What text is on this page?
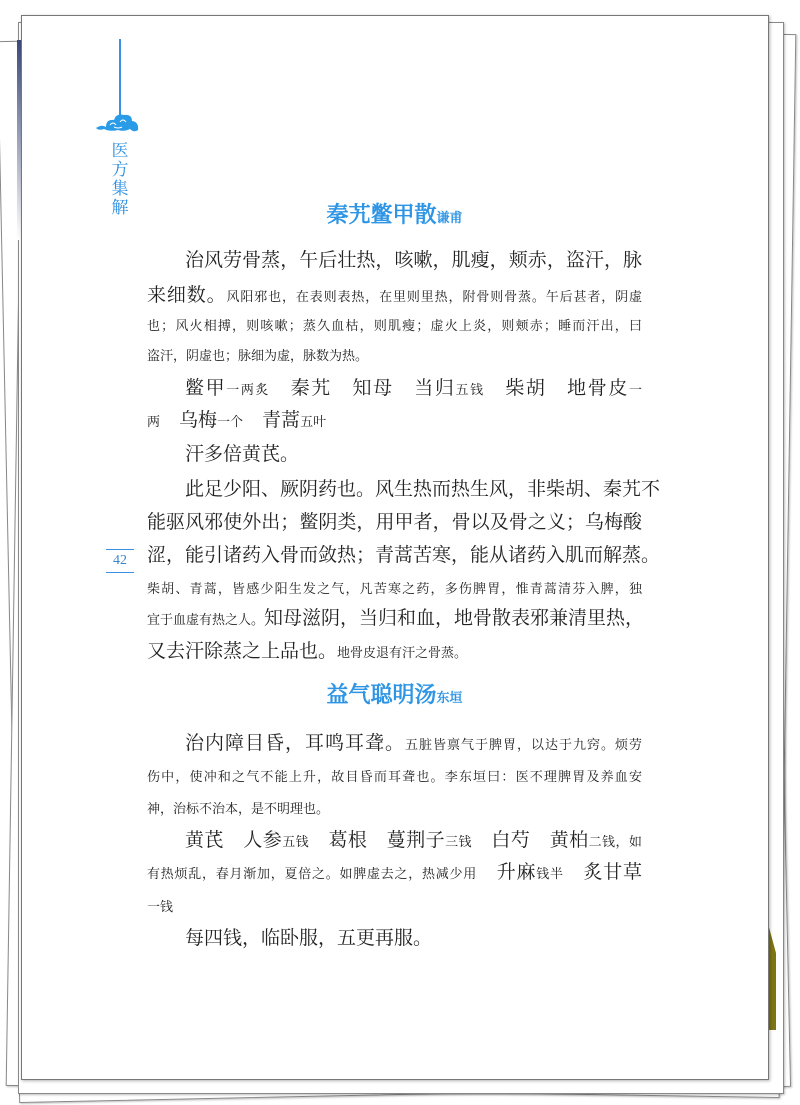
医方集解
42
秦艽鳖甲散谦甫
治风劳骨蒸，午后壮热，咳嗽，肌瘦，颊赤，盗汗，脉
来细数。风阳邪也，在表则表热，在里则里热，附骨则骨蒸。午后甚者，阴虚
也；风火相搏，则咳嗽；蒸久血枯，则肌瘦；虚火上炎，则颊赤；睡而汗出，曰
盗汗，阴虚也；脉细为虚，脉数为热。
鳖甲一两炙　秦艽　知母　当归五钱　柴胡　地骨皮一
两　乌梅一个　青蒿五叶
汗多倍黄芪。
此足少阳、厥阴药也。风生热而热生风，非柴胡、秦艽不
能驱风邪使外出；鳖阴类，用甲者，骨以及骨之义；乌梅酸
涩，能引诸药入骨而敛热；青蒿苦寒，能从诸药入肌而解蒸。
柴胡、青蒿，皆感少阳生发之气，凡苦寒之药，多伤脾胃，惟青蒿清芬入脾，独
宜于血虚有热之人。知母滋阴，当归和血，地骨散表邪兼清里热，
又去汗除蒸之上品也。地骨皮退有汗之骨蒸。
益气聪明汤东垣
治内障目昏，耳鸣耳聋。五脏皆禀气于脾胃，以达于九窍。烦劳
伤中，使冲和之气不能上升，故目昏而耳聋也。李东垣曰：医不理脾胃及养血安
神，治标不治本，是不明理也。
黄芪　人参五钱　葛根　蔓荆子三钱　白芍　黄柏二钱，如
有热烦乱，春月渐加，夏倍之。如脾虚去之，热减少用　升麻钱半　炙甘草
一钱
每四钱，临卧服，五更再服。
